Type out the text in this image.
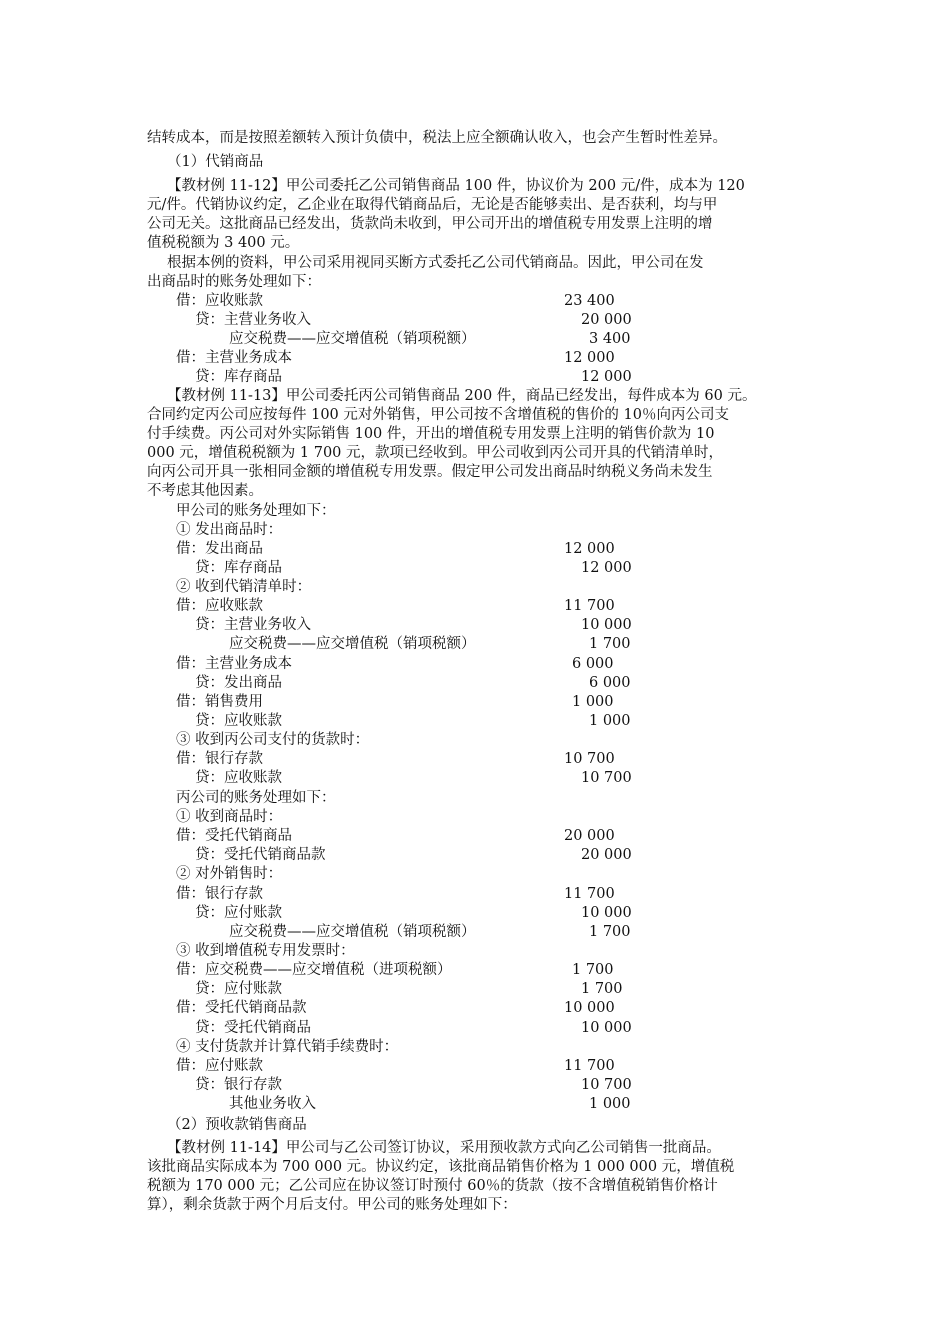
结转成本，而是按照差额转入预计负债中，税法上应全额确认收入，也会产生暂时性差异。
（1）代销商品
【教材例 11-12】甲公司委托乙公司销售商品 100 件，协议价为 200 元/件，成本为 120
元/件。代销协议约定，乙企业在取得代销商品后，无论是否能够卖出、是否获利，均与甲
公司无关。这批商品已经发出，货款尚未收到，甲公司开出的增值税专用发票上注明的增
值税税额为 3 400 元。
根据本例的资料，甲公司采用视同买断方式委托乙公司代销商品。因此，甲公司在发
出商品时的账务处理如下：
借：应收账款	23 400
贷：主营业务收入	20 000
应交税费——应交增值税（销项税额）	3 400
借：主营业务成本	12 000
贷：库存商品	12 000
【教材例 11-13】甲公司委托丙公司销售商品 200 件，商品已经发出，每件成本为 60 元。
合同约定丙公司应按每件 100 元对外销售，甲公司按不含增值税的售价的 10％向丙公司支
付手续费。丙公司对外实际销售 100 件，开出的增值税专用发票上注明的销售价款为 10
000 元，增值税税额为 1 700 元，款项已经收到。甲公司收到丙公司开具的代销清单时，
向丙公司开具一张相同金额的增值税专用发票。假定甲公司发出商品时纳税义务尚未发生
不考虑其他因素。
甲公司的账务处理如下：
① 发出商品时：
借：发出商品	12 000
贷：库存商品	12 000
② 收到代销清单时：
借：应收账款	11 700
贷：主营业务收入	10 000
应交税费——应交增值税（销项税额）	1 700
借：主营业务成本	6 000
贷：发出商品	6 000
借：销售费用	1 000
贷：应收账款	1 000
③ 收到丙公司支付的货款时：
借：银行存款	10 700
贷：应收账款	10 700
丙公司的账务处理如下：
① 收到商品时：
借：受托代销商品	20 000
贷：受托代销商品款	20 000
② 对外销售时：
借：银行存款	11 700
贷：应付账款	10 000
应交税费——应交增值税（销项税额）	1 700
③ 收到增值税专用发票时：
借：应交税费——应交增值税（进项税额）	1 700
贷：应付账款	1 700
借：受托代销商品款	10 000
贷：受托代销商品	10 000
④ 支付货款并计算代销手续费时：
借：应付账款	11 700
贷：银行存款	10 700
其他业务收入	1 000
（2）预收款销售商品
【教材例 11-14】甲公司与乙公司签订协议，采用预收款方式向乙公司销售一批商品。
该批商品实际成本为 700 000 元。协议约定，该批商品销售价格为 1 000 000 元，增值税
税额为 170 000 元；乙公司应在协议签订时预付 60％的货款（按不含增值税销售价格计
算），剩余货款于两个月后支付。甲公司的账务处理如下：
